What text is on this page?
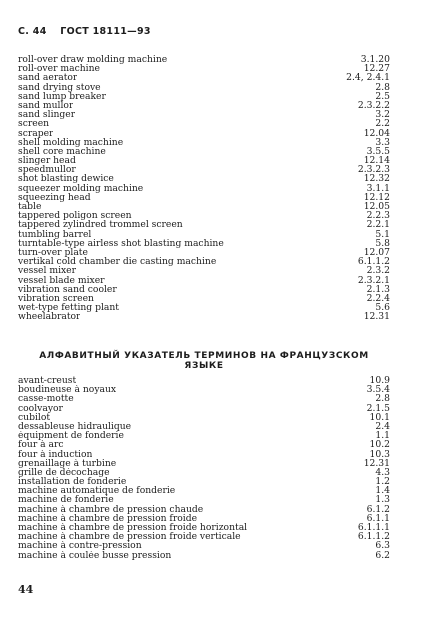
С. 44 ГОСТ 18111—93
roll-over draw molding machine	3.1.20
roll-over machine	12.27
sand aerator	2.4, 2.4.1
sand drying stove	2.8
sand lump breaker	2.5
sand mullor	2.3.2.2
sand slinger	3.2
screen	2.2
scraper	12.04
shell molding machine	3.3
shell core machine	3.5.5
slinger head	12.14
speedmullor	2.3.2.3
shot blasting dewice	12.32
squeezer molding machine	3.1.1
squeezing head	12.12
table	12.05
tappered poligon screen	2.2.3
tappered zylindred trommel screen	2.2.1
tumbling barrel	5.1
turntable-type airless shot blasting machine	5.8
turn-over plate	12.07
vertikal cold chamber die casting machine	6.1.1.2
vessel mixer	2.3.2
vessel blade mixer	2.3.2.1
vibration sand cooler	2.1.3
vibration screen	2.2.4
wet-type fetting plant	5.6
wheelabrator	12.31
АЛФАВИТНЫЙ УКАЗАТЕЛЬ ТЕРМИНОВ НА ФРАНЦУЗСКОМ ЯЗЫКЕ
avant-creust	10.9
boudineuse à noyaux	3.5.4
casse-motte	2.8
coolvayor	2.1.5
cubilot	10.1
dessableuse hidraulique	2.4
équipment de fonderie	1.1
four à arc	10.2
four à induction	10.3
grenaillage à turbine	12.31
grille de décochage	4.3
installation de fonderie	1.2
machine automatique de fonderie	1.4
machine de fonderie	1.3
machine à chambre de pression chaude	6.1.2
machine à chambre de pression froide	6.1.1
machine à chambre de pression froide horizontal	6.1.1.1
machine à chambre de pression froide verticale	6.1.1.2
machine à contre-pression	6.3
machine à coulée busse pression	6.2
44
